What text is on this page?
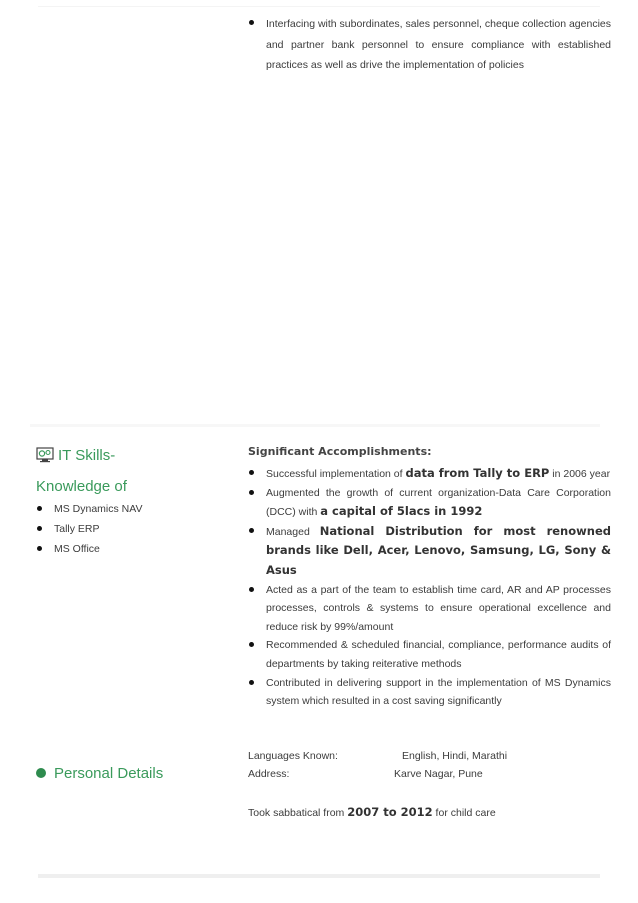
Interfacing with subordinates, sales personnel, cheque collection agencies and partner bank personnel to ensure compliance with established practices as well as drive the implementation of policies
IT Skills-
Knowledge of
MS Dynamics NAV
Tally ERP
MS Office
Significant Accomplishments:
Successful implementation of data from Tally to ERP in 2006 year
Augmented the growth of current organization-Data Care Corporation (DCC) with a capital of 5lacs in 1992
Managed National Distribution for most renowned brands like Dell, Acer, Lenovo, Samsung, LG, Sony & Asus
Acted as a part of the team to establish time card, AR and AP processes processes, controls & systems to ensure operational excellence and reduce risk by 99%/amount
Recommended & scheduled financial, compliance, performance audits of departments by taking reiterative methods
Contributed in delivering support in the implementation of MS Dynamics system which resulted in a cost saving significantly
Personal Details
Languages Known:	English, Hindi, Marathi
Address:	Karve Nagar, Pune
Took sabbatical from 2007 to 2012 for child care
